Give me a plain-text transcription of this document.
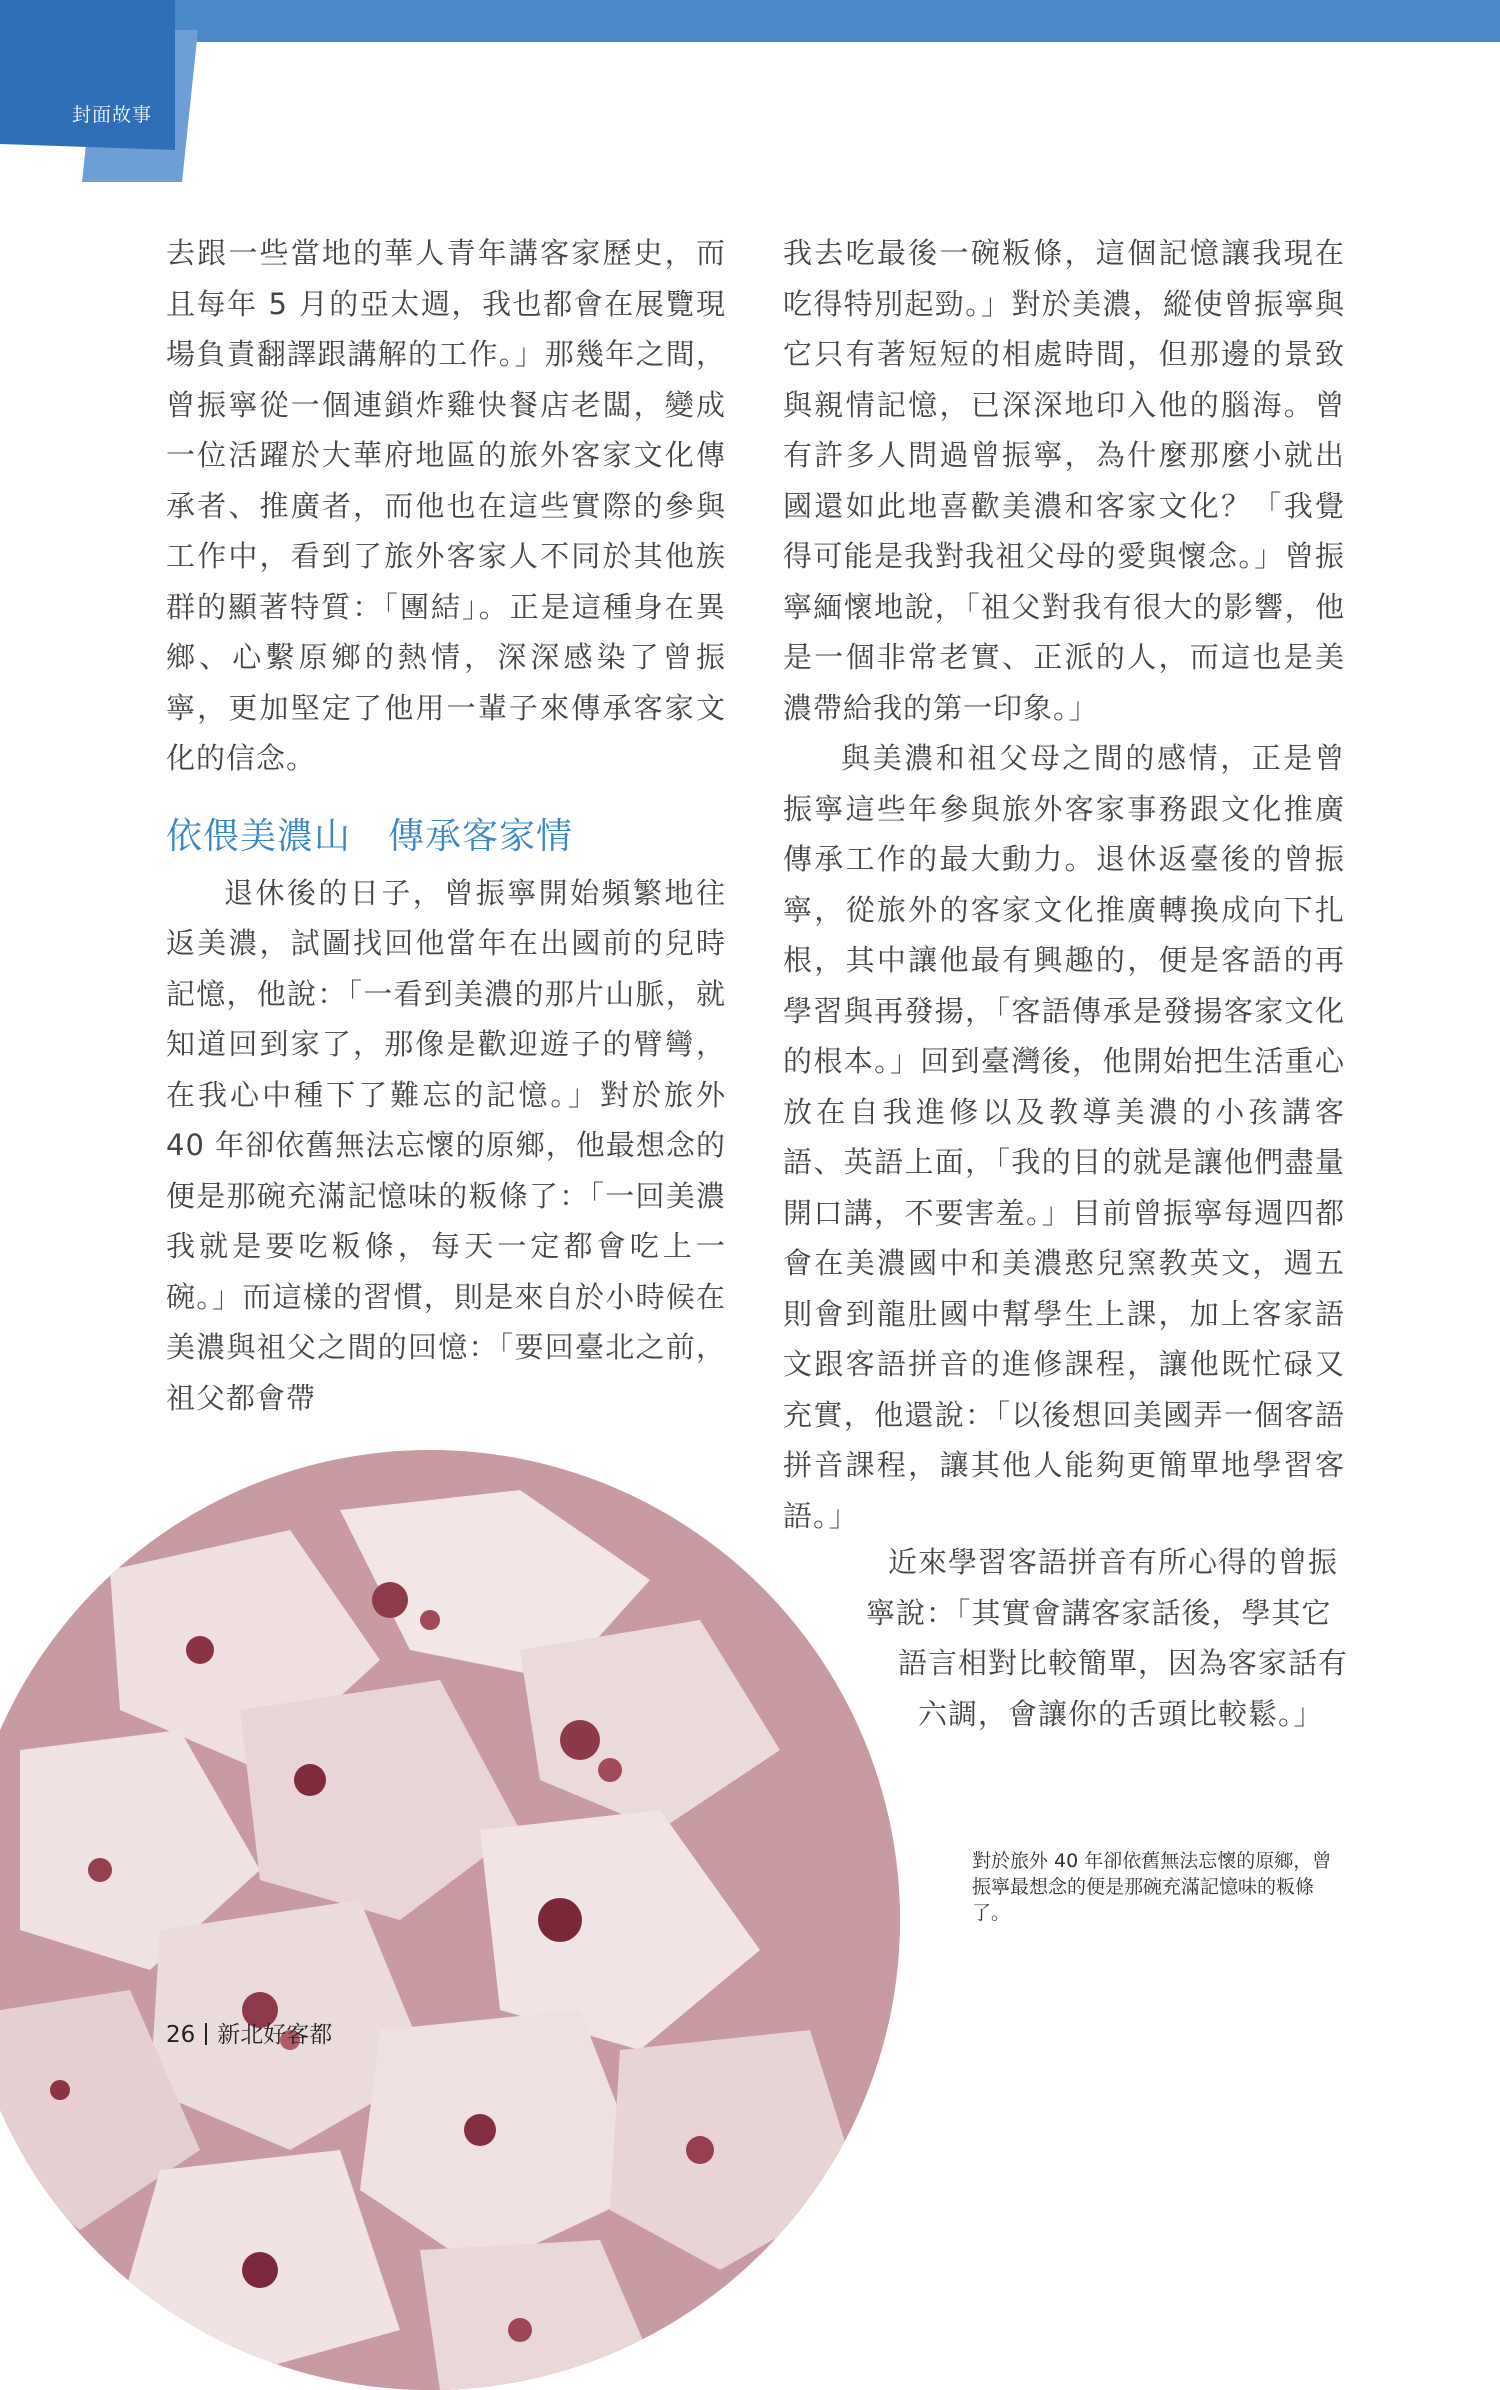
封面故事

去跟一些當地的華人青年講客家歷史，而且每年 5 月的亞太週，我也都會在展覽現場負責翻譯跟講解的工作。」那幾年之間，曾振寧從一個連鎖炸雞快餐店老闆，變成一位活躍於大華府地區的旅外客家文化傳承者、推廣者，而他也在這些實際的參與工作中，看到了旅外客家人不同於其他族群的顯著特質：「團結」。正是這種身在異鄉、心繫原鄉的熱情，深深感染了曾振寧，更加堅定了他用一輩子來傳承客家文化的信念。

依偎美濃山　傳承客家情

退休後的日子，曾振寧開始頻繁地往返美濃，試圖找回他當年在出國前的兒時記憶，他說：「一看到美濃的那片山脈，就知道回到家了，那像是歡迎遊子的臂彎，在我心中種下了難忘的記憶。」對於旅外 40 年卻依舊無法忘懷的原鄉，他最想念的便是那碗充滿記憶味的粄條了：「一回美濃我就是要吃粄條，每天一定都會吃上一碗。」而這樣的習慣，則是來自於小時候在美濃與祖父之間的回憶：「要回臺北之前，祖父都會帶

我去吃最後一碗粄條，這個記憶讓我現在吃得特別起勁。」對於美濃，縱使曾振寧與它只有著短短的相處時間，但那邊的景致與親情記憶，已深深地印入他的腦海。曾有許多人問過曾振寧，為什麼那麼小就出國還如此地喜歡美濃和客家文化？「我覺得可能是我對我祖父母的愛與懷念。」曾振寧緬懷地說，「祖父對我有很大的影響，他是一個非常老實、正派的人，而這也是美濃帶給我的第一印象。」

與美濃和祖父母之間的感情，正是曾振寧這些年參與旅外客家事務跟文化推廣傳承工作的最大動力。退休返臺後的曾振寧，從旅外的客家文化推廣轉換成向下扎根，其中讓他最有興趣的，便是客語的再學習與再發揚，「客語傳承是發揚客家文化的根本。」回到臺灣後，他開始把生活重心放在自我進修以及教導美濃的小孩講客語、英語上面，「我的目的就是讓他們盡量開口講，不要害羞。」目前曾振寧每週四都會在美濃國中和美濃憨兒窯教英文，週五則會到龍肚國中幫學生上課，加上客家語文跟客語拼音的進修課程，讓他既忙碌又充實，他還說：「以後想回美國弄一個客語拼音課程，讓其他人能夠更簡單地學習客語。」

近來學習客語拼音有所心得的曾振
寧說：「其實會講客家話後，學其它
語言相對比較簡單，因為客家話有
六調，會讓你的舌頭比較鬆。」
對於旅外 40 年卻依舊無法忘懷的原鄉，曾振寧最想念的便是那碗充滿記憶味的粄條了。
26 新北好客都
